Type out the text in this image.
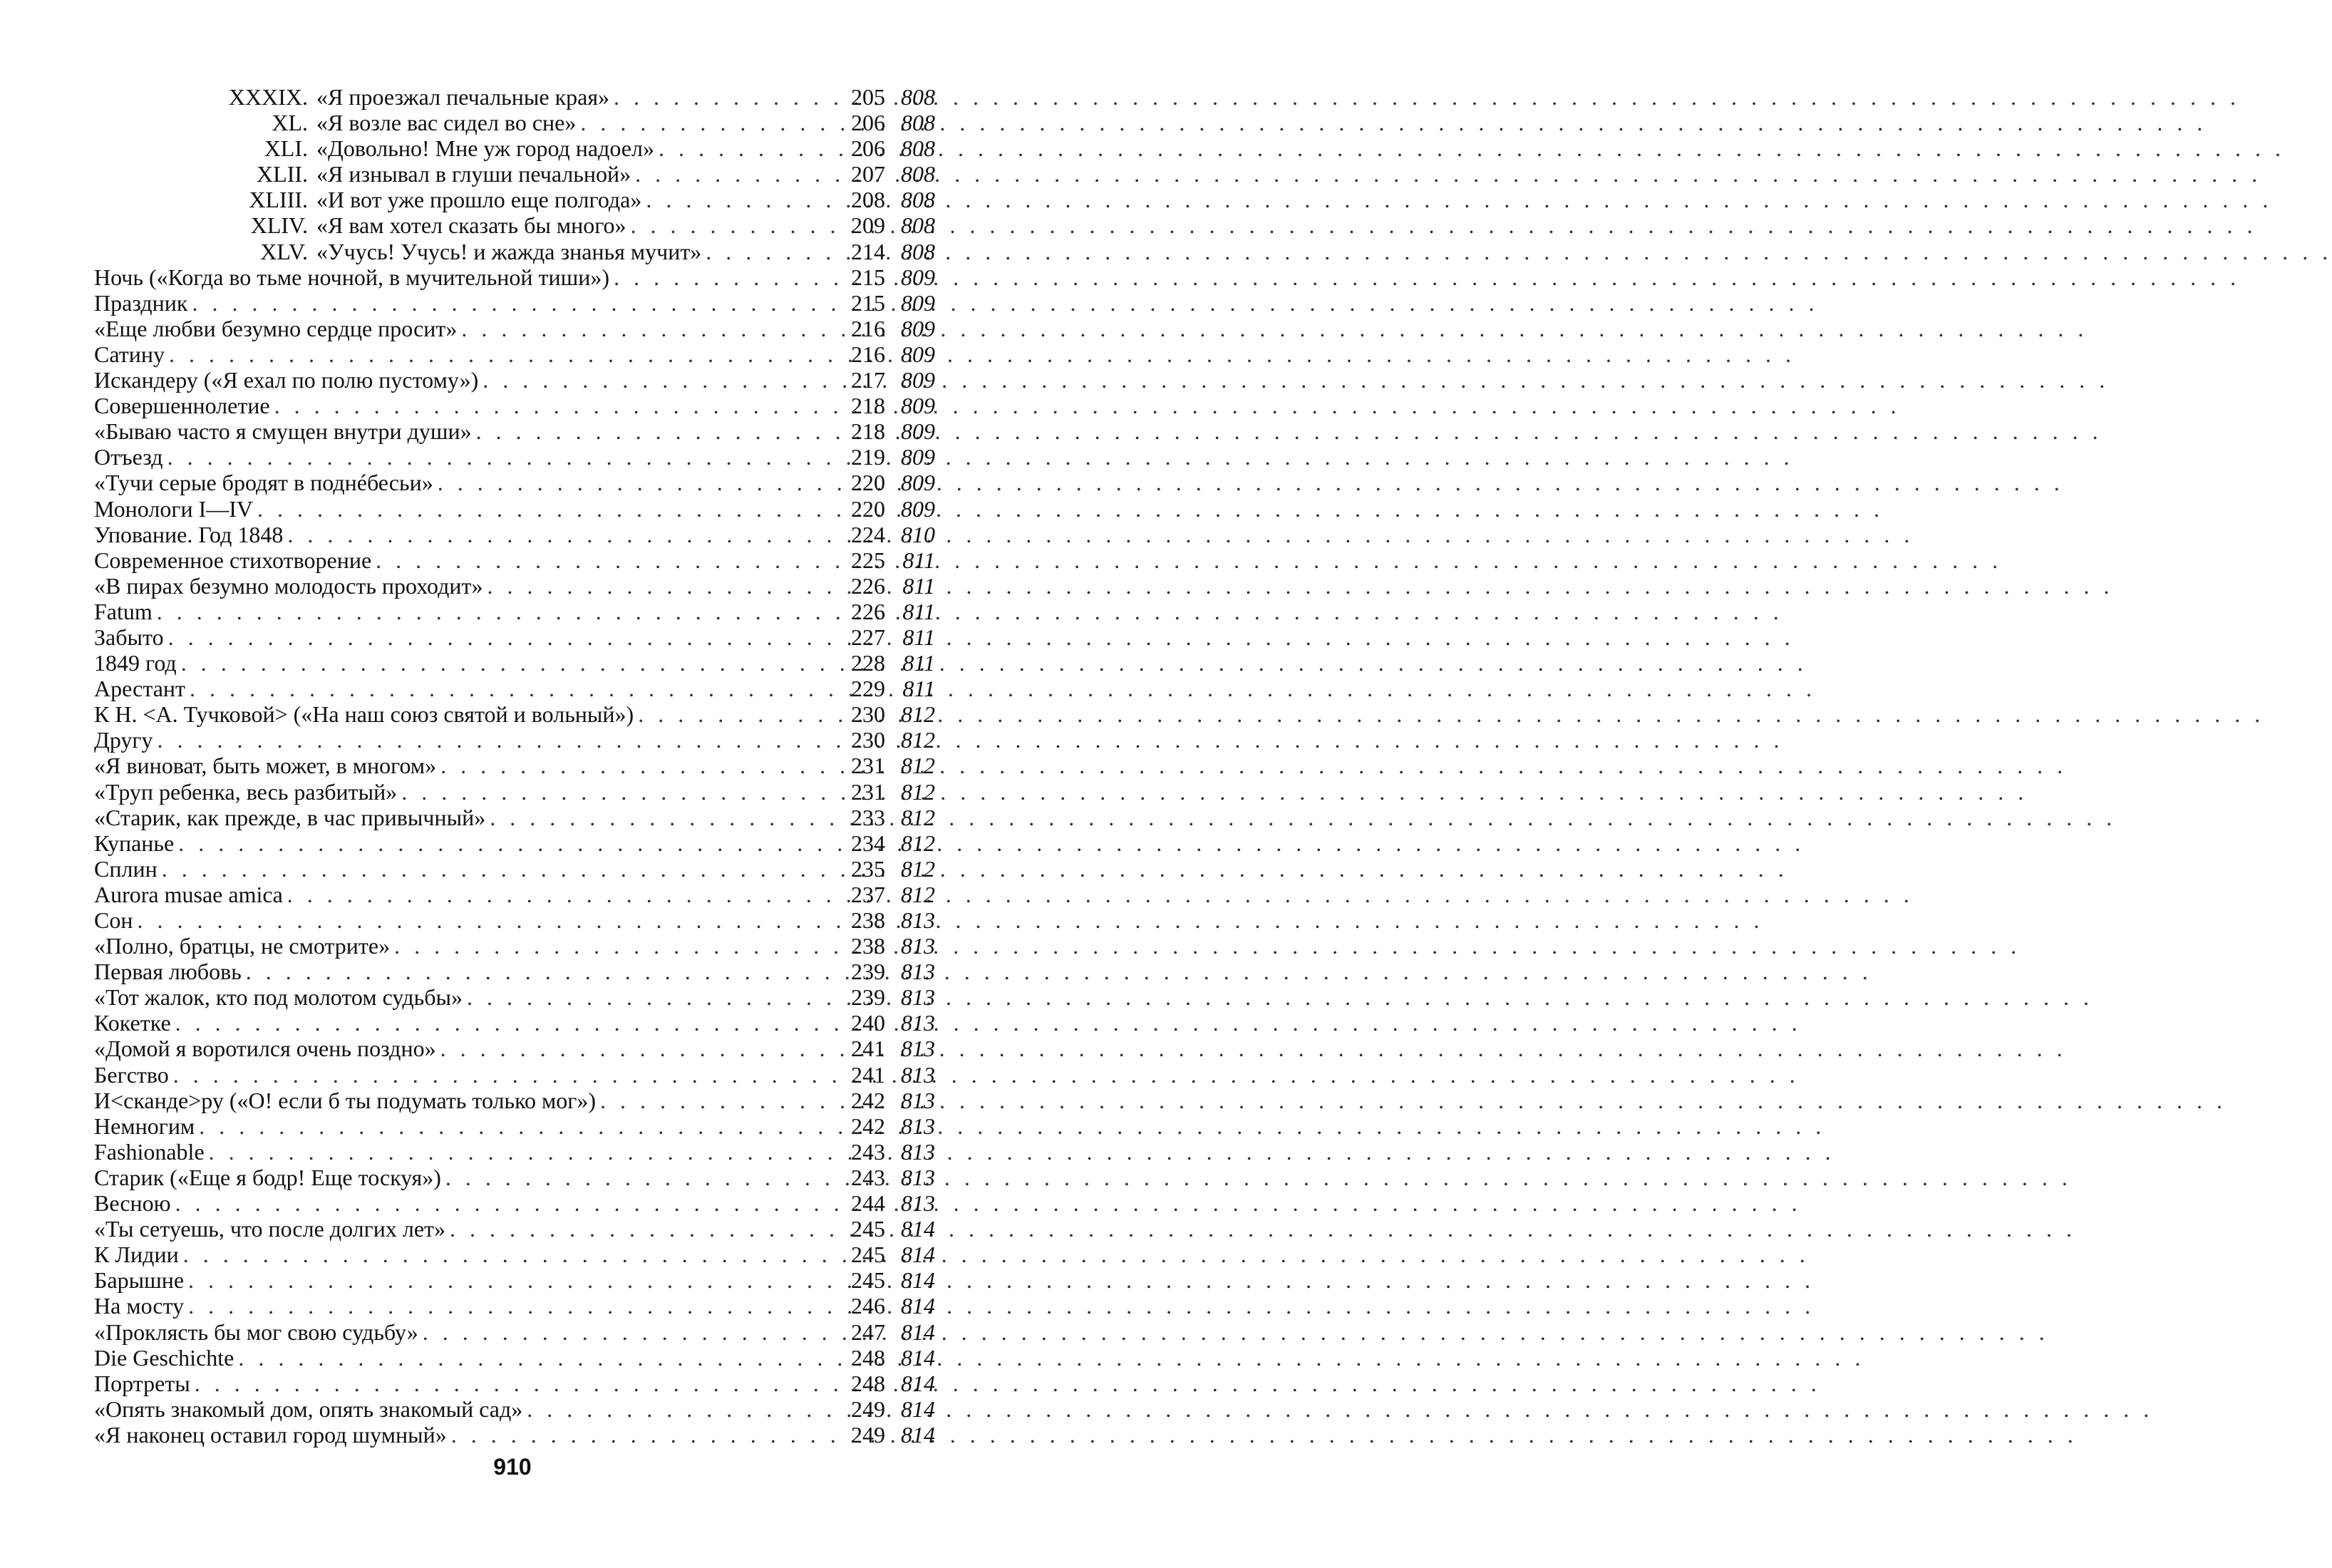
XXXIX. «Я проезжал печальные края» . . .	205 808
XL. «Я возле вас сидел во сне» . . .	206 808
XLI. «Довольно! Мне уж город надоел» . . .	206 808
XLII. «Я изнывал в глуши печальной» . . .	207 808
XLIII. «И вот уже прошло еще полгода» . . .	208 808
XLIV. «Я вам хотел сказать бы много» . . .	209 808
XLV. «Учусь! Учусь! и жажда знанья мучит» . . .	214 808
Ночь («Когда во тьме ночной, в мучительной тиши») . . .	215 809
Праздник . . .	215 809
«Еще любви безумно сердце просит» . . .	216 809
Сатину . . .	216 809
Искандеру («Я ехал по полю пустому») . . .	217 809
Совершеннолетие . . .	218 809
«Бываю часто я смущен внутри души» . . .	218 809
Отъезд . . .	219 809
«Тучи серые бродят в поднéбесьи» . . .	220 809
Монологи I—IV . . .	220 809
Упование. Год 1848 . . .	224 810
Современное стихотворение . . .	225 811
«В пирах безумно молодость проходит» . . .	226 811
Fatum . . .	226 811
Забыто . . .	227 811
1849 год . . .	228 811
Арестант . . .	229 811
К Н. <А. Тучковой> («На наш союз святой и вольный») . . .	230 812
Другу . . .	230 812
«Я виноват, быть может, в многом» . . .	231 812
«Труп ребенка, весь разбитый» . . .	231 812
«Старик, как прежде, в час привычный» . . .	233 812
Купанье . . .	234 812
Сплин . . .	235 812
Aurora musae amica . . .	237 812
Сон . . .	238 813
«Полно, братцы, не смотрите» . . .	238 813
Первая любовь . . .	239 813
«Тот жалок, кто под молотом судьбы» . . .	239 813
Кокетке . . .	240 813
«Домой я воротился очень поздно» . . .	241 813
Бегство . . .	241 813
И<сканде>ру («О! если б ты подумать только мог») . . .	242 813
Немногим . . .	242 813
Fashionable . . .	243 813
Старик («Еще я бодр! Еще тоскуя») . . .	243 813
Весною . . .	244 813
«Ты сетуешь, что после долгих лет» . . .	245 814
К Лидии . . .	245 814
Барышне . . .	245 814
На мосту . . .	246 814
«Проклясть бы мог свою судьбу» . . .	247 814
Die Geschichte . . .	248 814
Портреты . . .	248 814
«Опять знакомый дом, опять знакомый сад» . . .	249 814
«Я наконец оставил город шумный» . . .	249 814
910
